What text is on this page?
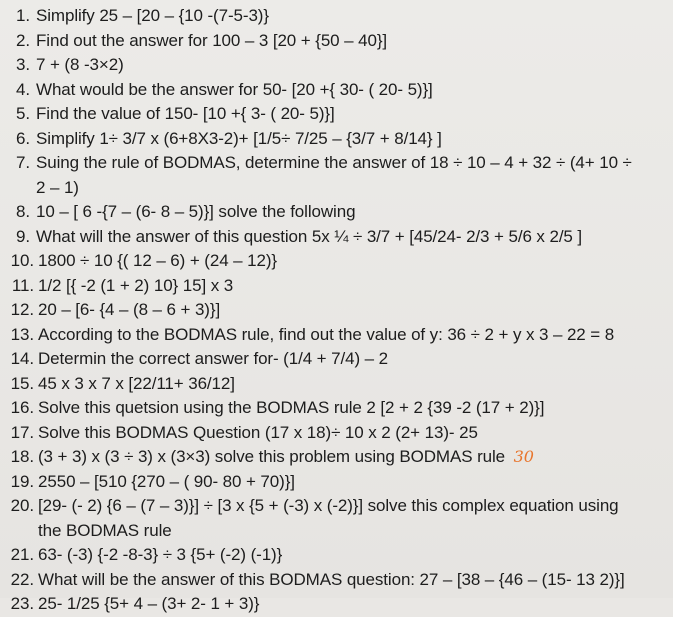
1. Simplify 25 – [20 – {10 -(7-5-3)}
2. Find out the answer for 100 – 3 [20 + {50 – 40}]
3. 7 + (8 -3×2)
4. What would be the answer for 50- [20 +{ 30- ( 20- 5)}]
5. Find the value of 150- [10 +{ 3- ( 20- 5)}]
6. Simplify 1÷ 3/7 x (6+8X3-2)+ [1/5÷ 7/25 – {3/7 + 8/14} ]
7. Suing the rule of BODMAS, determine the answer of 18 ÷ 10 – 4 + 32 ÷ (4+ 10 ÷
2 – 1)
8. 10 – [ 6 -{7 – (6- 8 – 5)}] solve the following
9. What will the answer of this question 5x ¼ ÷ 3/7 + [45/24- 2/3 + 5/6 x 2/5 ]
10. 1800 ÷ 10 {( 12 – 6) + (24 – 12)}
11. 1/2 [{ -2 (1 + 2) 10} 15] x 3
12. 20 – [6- {4 – (8 – 6 + 3)}]
13. According to the BODMAS rule, find out the value of y: 36 ÷ 2 + y x 3 – 22 = 8
14. Determin the correct answer for- (1/4 + 7/4) – 2
15. 45 x 3 x 7 x [22/11+ 36/12]
16. Solve this quetsion using the BODMAS rule 2 [2 + 2 {39 -2 (17 + 2)}]
17. Solve this BODMAS Question (17 x 18)÷ 10 x 2 (2+ 13)- 25
18. (3 + 3) x (3 ÷ 3) x (3×3) solve this problem using BODMAS rule 30
19. 2550 – [510 {270 – ( 90- 80 + 70)}]
20. [29- (- 2) {6 – (7 – 3)}] ÷ [3 x {5 + (-3) x (-2)}] solve this complex equation using
the BODMAS rule
21. 63- (-3) {-2 -8-3} ÷ 3 {5+ (-2) (-1)}
22. What will be the answer of this BODMAS question: 27 – [38 – {46 – (15- 13 2)}]
23. 25- 1/25 {5+ 4 – (3+ 2- 1 + 3)}
